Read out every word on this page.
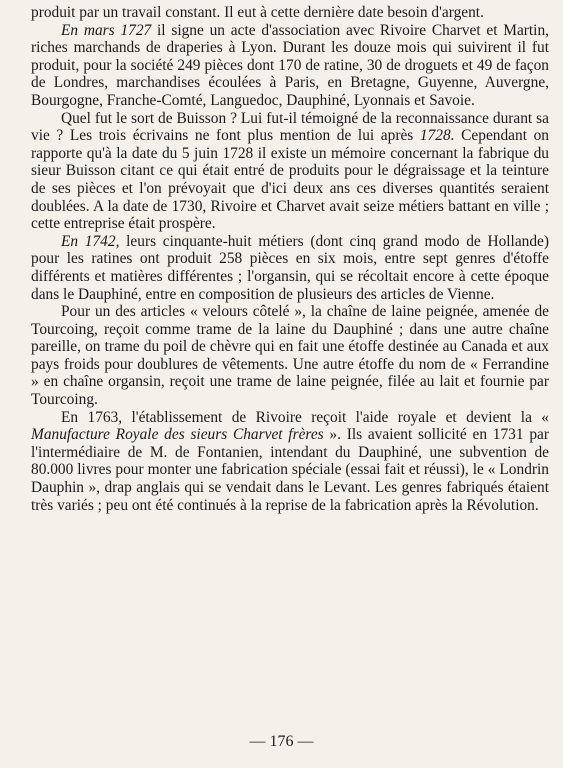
produit par un travail constant. Il eut à cette dernière date besoin d'argent.

En mars 1727 il signe un acte d'association avec Rivoire Charvet et Martin, riches marchands de draperies à Lyon. Durant les douze mois qui suivirent il fut produit, pour la société 249 pièces dont 170 de ratine, 30 de droguets et 49 de façon de Londres, marchandises écoulées à Paris, en Bretagne, Guyenne, Auvergne, Bourgogne, Franche-Comté, Languedoc, Dauphiné, Lyonnais et Savoie.

Quel fut le sort de Buisson ? Lui fut-il témoigné de la reconnaissance durant sa vie ? Les trois écrivains ne font plus mention de lui après 1728. Cependant on rapporte qu'à la date du 5 juin 1728 il existe un mémoire concernant la fabrique du sieur Buisson citant ce qui était entré de produits pour le dégraissage et la teinture de ses pièces et l'on prévoyait que d'ici deux ans ces diverses quantités seraient doublées. A la date de 1730, Rivoire et Charvet avait seize métiers battant en ville ; cette entreprise était prospère.

En 1742, leurs cinquante-huit métiers (dont cinq grand modo de Hollande) pour les ratines ont produit 258 pièces en six mois, entre sept genres d'étoffe différents et matières différentes ; l'organsin, qui se récoltait encore à cette époque dans le Dauphiné, entre en composition de plusieurs des articles de Vienne.

Pour un des articles « velours côtelé », la chaîne de laine peignée, amenée de Tourcoing, reçoit comme trame de la laine du Dauphiné ; dans une autre chaîne pareille, on trame du poil de chèvre qui en fait une étoffe destinée au Canada et aux pays froids pour doublures de vêtements. Une autre étoffe du nom de « Ferrandine » en chaîne organsin, reçoit une trame de laine peignée, filée au lait et fournie par Tourcoing.

En 1763, l'établissement de Rivoire reçoit l'aide royale et devient la « Manufacture Royale des sieurs Charvet frères ». Ils avaient sollicité en 1731 par l'intermédiaire de M. de Fontanien, intendant du Dauphiné, une subvention de 80.000 livres pour monter une fabrication spéciale (essai fait et réussi), le « Londrin Dauphin », drap anglais qui se vendait dans le Levant. Les genres fabriqués étaient très variés ; peu ont été continués à la reprise de la fabrication après la Révolution.

— 176 —
